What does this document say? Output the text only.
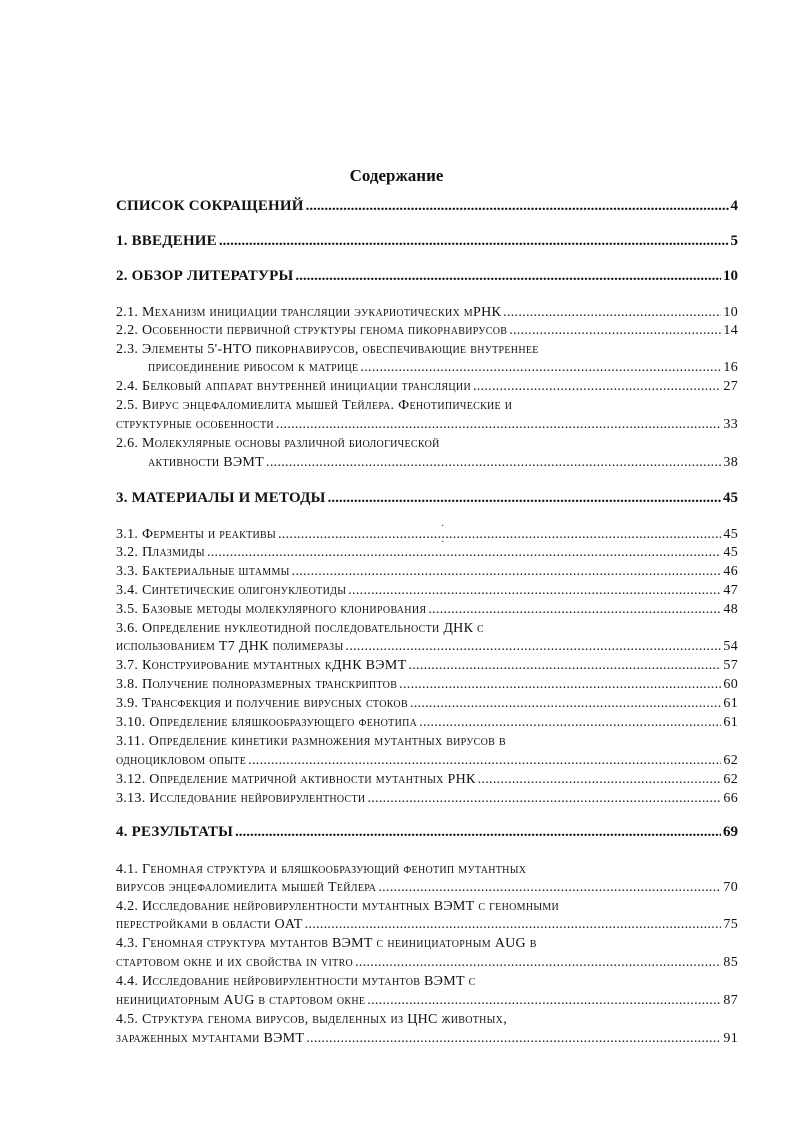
Содержание
СПИСОК СОКРАЩЕНИЙ .....	4
1. ВВЕДЕНИЕ .....	5
2. ОБЗОР ЛИТЕРАТУРЫ .....	10
2.1. Механизм инициации трансляции эукариотических мРНК .....	10
2.2. Особенности первичной структуры генома пикорнавирусов .....	14
2.3. Элементы 5'-НТО пикорнавирусов, обеспечивающие внутреннее
присоединение рибосом к матрице .....	16
2.4. Белковый аппарат внутренней инициации трансляции .....	27
2.5. Вирус энцефаломиелита мышей Тейлера. Фенотипические и
структурные особенности .....	33
2.6. Молекулярные основы различной биологической
активности ВЭМТ .....	38
3. МАТЕРИАЛЫ И МЕТОДЫ .....	45
·
·
3.1. Ферменты и реактивы .....	45
3.2. Плазмиды .....	45
3.3. Бактериальные штаммы .....	46
3.4. Синтетические олигонуклеотиды .....	47
3.5. Базовые методы молекулярного клонирования .....	48
3.6. Определение нуклеотидной последовательности ДНК с
использованием Т7 ДНК полимеразы .....	54
3.7. Конструирование мутантных кДНК ВЭМТ .....	57
3.8. Получение полноразмерных транскриптов .....	60
3.9. Трансфекция и получение вирусных стоков .....	61
3.10. Определение бляшкообразующего фенотипа .....	61
3.11. Определение кинетики размножения мутантных вирусов в
одноцикловом опыте .....	62
3.12. Определение матричной активности мутантных РНК .....	62
3.13. Исследование нейровирулентности .....	66
4. РЕЗУЛЬТАТЫ .....	69
4.1. Геномная структура и бляшкообразующий фенотип мутантных
вирусов энцефаломиелита мышей Тейлера .....	70
4.2. Исследование нейровирулентности мутантных ВЭМТ с геномными
перестройками в области OAT .....	75
4.3. Геномная структура мутантов ВЭМТ с неинициаторным AUG в
стартовом окне и их свойства in vitro .....	85
4.4. Исследование нейровирулентности мутантов ВЭМТ с
неинициаторным AUG в стартовом окне .....	87
4.5. Структура генома вирусов, выделенных из ЦНС животных,
зараженных мутантами ВЭМТ .....	91
